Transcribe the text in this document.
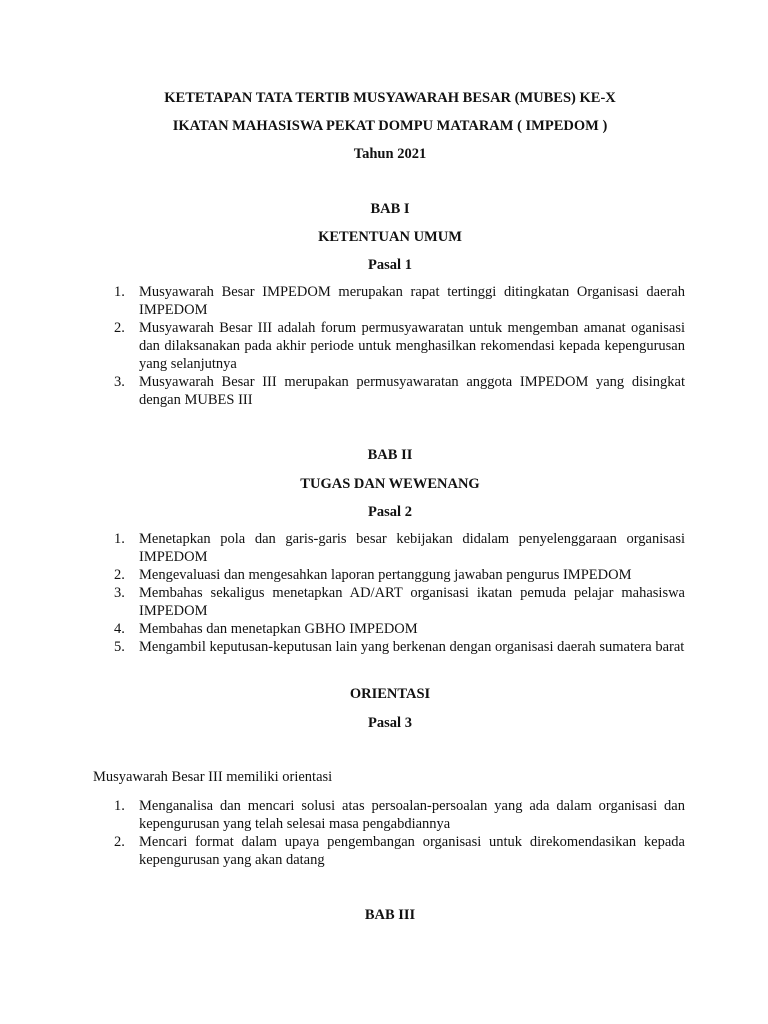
KETETAPAN TATA TERTIB MUSYAWARAH BESAR (MUBES) KE-X

IKATAN MAHASISWA PEKAT DOMPU MATARAM ( IMPEDOM )

Tahun 2021

BAB I

KETENTUAN UMUM

Pasal 1

1. Musyawarah Besar IMPEDOM merupakan rapat tertinggi ditingkatan Organisasi daerah IMPEDOM
2. Musyawarah Besar III adalah forum permusyawaratan untuk mengemban amanat oganisasi dan dilaksanakan pada akhir periode untuk menghasilkan rekomendasi kepada kepengurusan yang selanjutnya
3. Musyawarah Besar III merupakan permusyawaratan anggota IMPEDOM yang disingkat dengan MUBES III

BAB II

TUGAS DAN WEWENANG

Pasal 2

1. Menetapkan pola dan garis-garis besar kebijakan didalam penyelenggaraan organisasi IMPEDOM
2. Mengevaluasi dan mengesahkan laporan pertanggung jawaban pengurus IMPEDOM
3. Membahas sekaligus menetapkan AD/ART organisasi ikatan pemuda pelajar mahasiswa IMPEDOM
4. Membahas dan menetapkan GBHO IMPEDOM
5. Mengambil keputusan-keputusan lain yang berkenan dengan organisasi daerah sumatera barat

ORIENTASI

Pasal 3

Musyawarah Besar III memiliki orientasi

1. Menganalisa dan mencari solusi atas persoalan-persoalan yang ada dalam organisasi dan kepengurusan yang telah selesai masa pengabdiannya
2. Mencari format dalam upaya pengembangan organisasi untuk direkomendasikan kepada kepengurusan yang akan datang

BAB III
